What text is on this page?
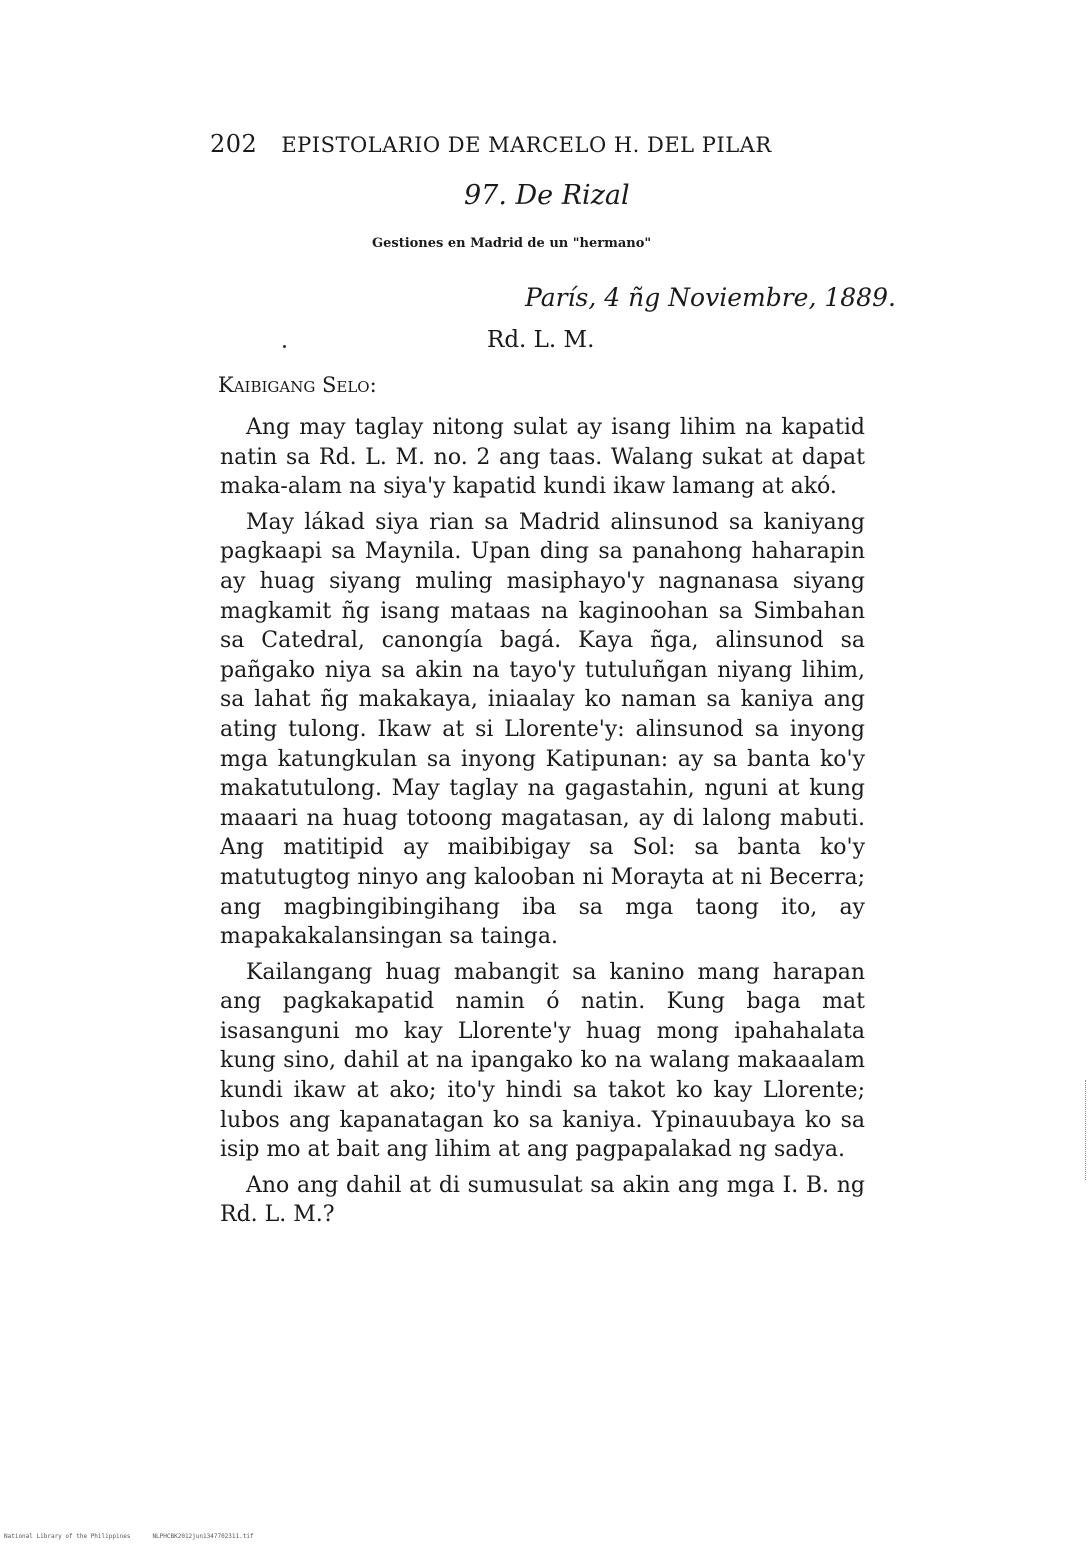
202 EPISTOLARIO DE MARCELO H. DEL PILAR
97. De Rizal
Gestiones en Madrid de un "hermano"
París, 4 ñg Noviembre, 1889.
Rd. L. M.
Kaibigang Selo:

Ang may taglay nitong sulat ay isang lihim na kapatid natin sa Rd. L. M. no. 2 ang taas. Walang sukat at dapat maka-alam na siya'y kapatid kundi ikaw lamang at akó.

May lákad siya rian sa Madrid alinsunod sa kaniyang pagkaapi sa Maynila. Upan ding sa panahong haharapin ay huag siyang muling masiphayo'y nagnanasa siyang magkamit ñg isang mataas na kaginoohan sa Simbahan sa Catedral, canongía bagá. Kaya ñga, alinsunod sa pañgako niya sa akin na tayo'y tutuluñgan niyang lihim, sa lahat ñg makakaya, iniaalay ko naman sa kaniya ang ating tulong. Ikaw at si Llorente'y: alinsunod sa inyong mga katungkulan sa inyong Katipunan: ay sa banta ko'y makatutulong. May taglay na gagastahin, nguni at kung maaari na huag totoong magatasan, ay di lalong mabuti. Ang matitipid ay maibibigay sa Sol: sa banta ko'y matutugtog ninyo ang kalooban ni Morayta at ni Becerra; ang magbingibingihang iba sa mga taong ito, ay mapakakalansingan sa tainga.

Kailangang huag mabangit sa kanino mang harapan ang pagkakapatid namin ó natin. Kung baga mat isasanguni mo kay Llorente'y huag mong ipahahalata kung sino, dahil at na ipangako ko na walang makaaalam kundi ikaw at ako; ito'y hindi sa takot ko kay Llorente; lubos ang kapanatagan ko sa kaniya. Ypinauubaya ko sa isip mo at bait ang lihim at ang pagpapalakad ng sadya.

Ano ang dahil at di sumusulat sa akin ang mga I. B. ng Rd. L. M.?

National Library of the Philippines	NLPHCBK2012jun1347702311.tif
